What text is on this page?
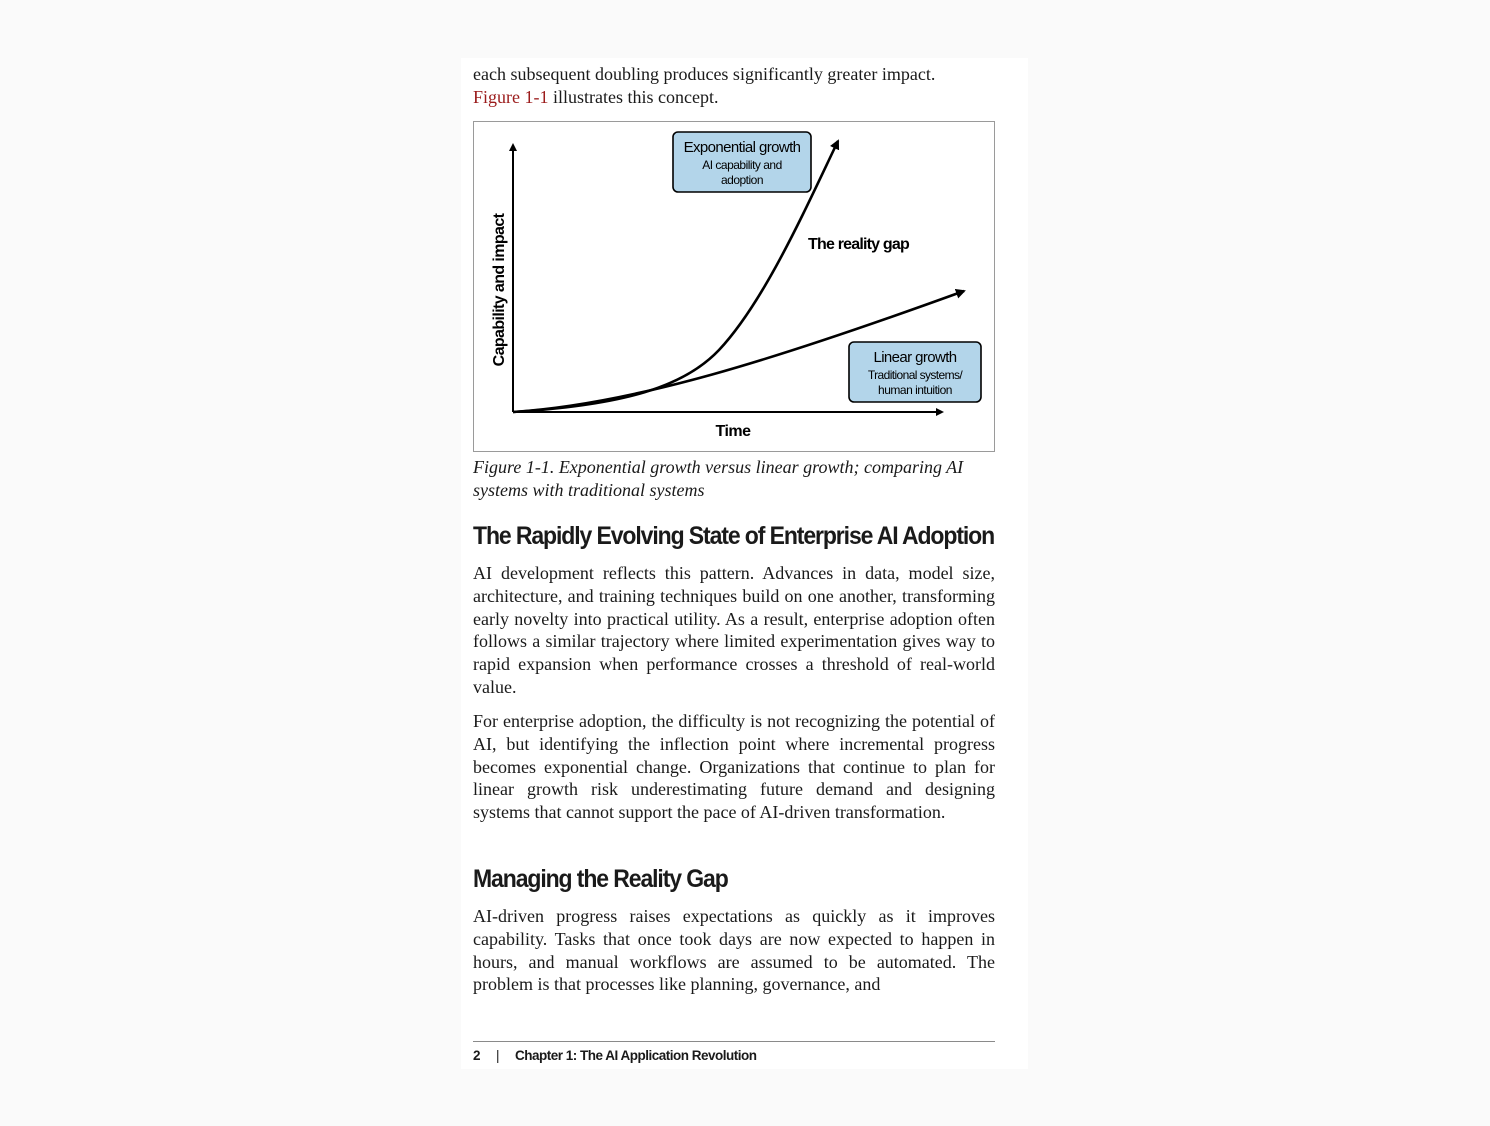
each subsequent doubling produces significantly greater impact.
Figure 1-1 illustrates this concept.

Capability and impact
Time
The reality gap
Exponential growth
AI capability and
adoption
Linear growth
Traditional systems/
human intuition

Figure 1-1. Exponential growth versus linear growth; comparing AI systems with traditional systems

The Rapidly Evolving State of Enterprise AI Adoption

AI development reflects this pattern. Advances in data, model size, architecture, and training techniques build on one another, transforming early novelty into practical utility. As a result, enterprise adoption often follows a similar trajectory where limited experimentation gives way to rapid expansion when performance crosses a threshold of real-world value.

For enterprise adoption, the difficulty is not recognizing the potential of AI, but identifying the inflection point where incremental progress becomes exponential change. Organizations that continue to plan for linear growth risk underestimating future demand and designing systems that cannot support the pace of AI-driven transformation.

Managing the Reality Gap

AI-driven progress raises expectations as quickly as it improves capability. Tasks that once took days are now expected to happen in hours, and manual workflows are assumed to be automated. The problem is that processes like planning, governance, and

2 | Chapter 1: The AI Application Revolution
